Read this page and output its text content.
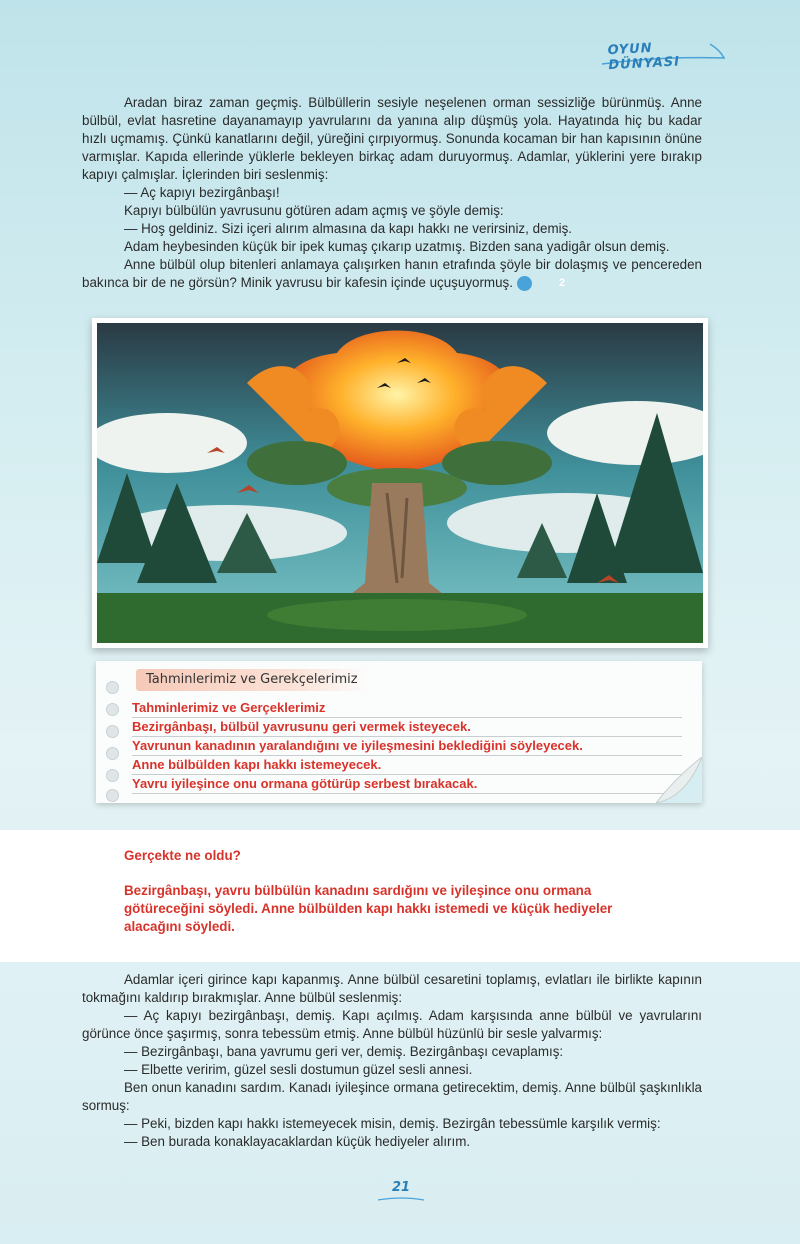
OYUN DÜNYASI

Aradan biraz zaman geçmiş. Bülbüllerin sesiyle neşelenen orman sessizliğe bürünmüş. Anne bülbül, evlat hasretine dayanamayıp yavrularını da yanına alıp düşmüş yola. Hayatında hiç bu kadar hızlı uçmamış. Çünkü kanatlarını değil, yüreğini çırpıyormuş. Sonunda kocaman bir han kapısının önüne varmışlar. Kapıda ellerinde yüklerle bekleyen birkaç adam duruyormuş. Adamlar, yüklerini yere bırakıp kapıyı çalmışlar. İçlerinden biri seslenmiş:

— Aç kapıyı bezirgânbaşı!

Kapıyı bülbülün yavrusunu götüren adam açmış ve şöyle demiş:

— Hoş geldiniz. Sizi içeri alırım almasına da kapı hakkı ne verirsiniz, demiş.

Adam heybesinden küçük bir ipek kumaş çıkarıp uzatmış. Bizden sana yadigâr olsun demiş.

Anne bülbül olup bitenleri anlamaya çalışırken hanın etrafında şöyle bir dolaşmış ve pencereden bakınca bir de ne görsün? Minik yavrusu bir kafesin içinde uçuşuyormuş.	2

Tahminlerimiz ve Gerekçelerimiz
Tahminlerimiz ve Gerçeklerimiz
Bezirgânbaşı, bülbül yavrusunu geri vermek isteyecek.
Yavrunun kanadının yaralandığını ve iyileşmesini beklediğini söyleyecek.
Anne bülbülden kapı hakkı istemeyecek.
Yavru iyileşince onu ormana götürüp serbest bırakacak.
Gerçekte ne oldu?
Bezirgânbaşı, yavru bülbülün kanadını sardığını ve iyileşince onu ormana götüreceğini söyledi. Anne bülbülden kapı hakkı istemedi ve küçük hediyeler alacağını söyledi.

Adamlar içeri girince kapı kapanmış. Anne bülbül cesaretini toplamış, evlatları ile birlikte kapının tokmağını kaldırıp bırakmışlar. Anne bülbül seslenmiş:

— Aç kapıyı bezirgânbaşı, demiş. Kapı açılmış. Adam karşısında anne bülbül ve yavrularını görünce önce şaşırmış, sonra tebessüm etmiş. Anne bülbül hüzünlü bir sesle yalvarmış:

— Bezirgânbaşı, bana yavrumu geri ver, demiş. Bezirgânbaşı cevaplamış:

— Elbette veririm, güzel sesli dostumun güzel sesli annesi.

Ben onun kanadını sardım. Kanadı iyileşince ormana getirecektim, demiş. Anne bülbül şaşkınlıkla sormuş:

— Peki, bizden kapı hakkı istemeyecek misin, demiş. Bezirgân tebessümle karşılık vermiş:

— Ben burada konaklayacaklardan küçük hediyeler alırım.

21
